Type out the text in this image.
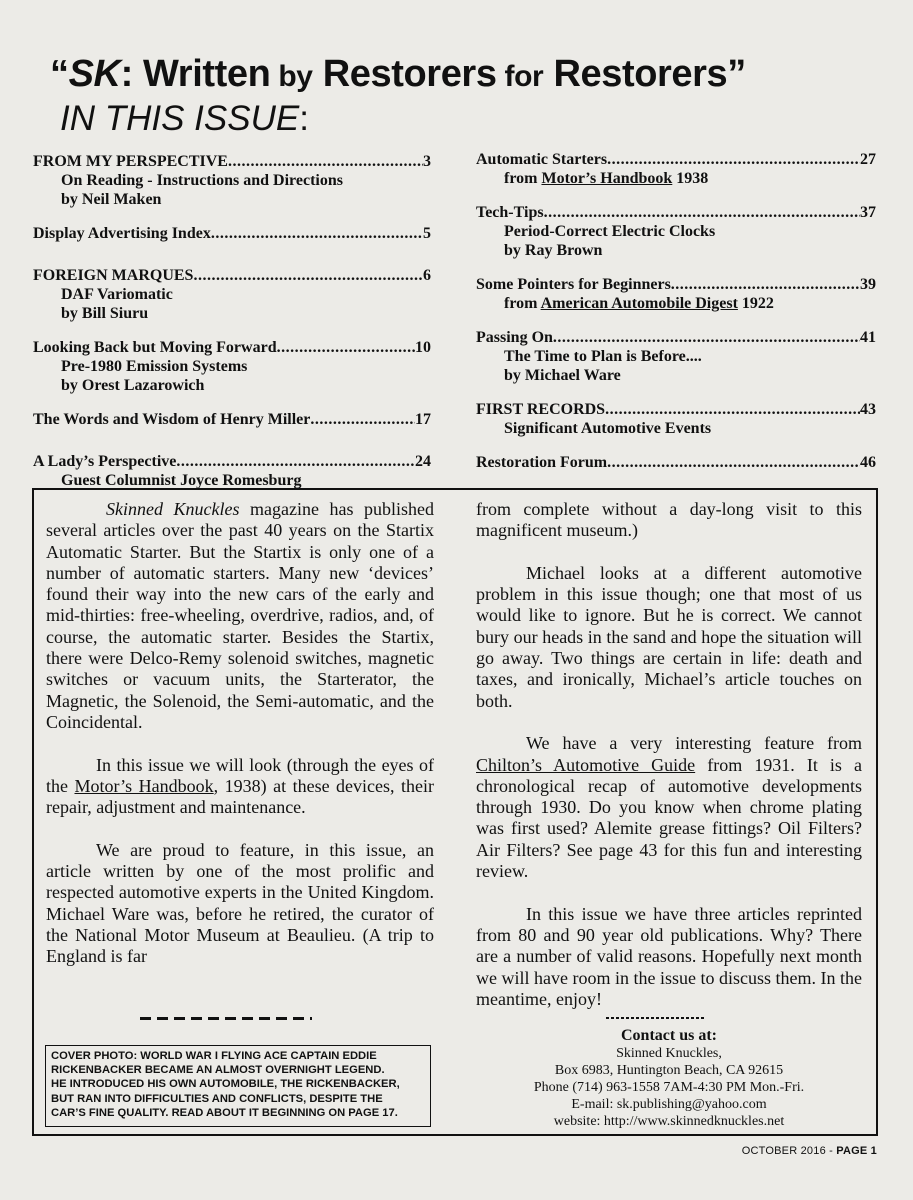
“SK: Written by Restorers for Restorers”
IN THIS ISSUE:
FROM MY PERSPECTIVE .....	3
On Reading - Instructions and Directions
by Neil Maken
Display Advertising Index .....	5
FOREIGN MARQUES .....	6
DAF Variomatic
by Bill Siuru
Looking Back but Moving Forward .....	10
Pre-1980 Emission Systems
by Orest Lazarowich
The Words and Wisdom of Henry Miller .....	17
A Lady’s Perspective .....	24
Guest Columnist Joyce Romesburg
Automatic Starters .....	27
from Motor’s Handbook 1938
Tech-Tips .....	37
Period-Correct Electric Clocks
by Ray Brown
Some Pointers for Beginners .....	39
from American Automobile Digest 1922
Passing On .....	41
The Time to Plan is Before....
by Michael Ware
FIRST RECORDS .....	43
Significant Automotive Events
Restoration Forum .....	46

Skinned Knuckles magazine has published several articles over the past 40 years on the Startix Automatic Starter. But the Startix is only one of a number of automatic starters. Many new ‘devices’ found their way into the new cars of the early and mid-thirties: free-wheeling, overdrive, radios, and, of course, the automatic starter. Besides the Startix, there were Delco-Remy solenoid switches, magnetic switches or vacuum units, the Starterator, the Magnetic, the Solenoid, the Semi-automatic, and the Coincidental.

In this issue we will look (through the eyes of the Motor’s Handbook, 1938) at these devices, their repair, adjustment and maintenance.

We are proud to feature, in this issue, an article written by one of the most prolific and respected automotive experts in the United Kingdom. Michael Ware was, before he retired, the curator of the National Motor Museum at Beaulieu. (A trip to England is far

from complete without a day-long visit to this magnificent museum.)

Michael looks at a different automotive problem in this issue though; one that most of us would like to ignore. But he is correct. We cannot bury our heads in the sand and hope the situation will go away. Two things are certain in life: death and taxes, and ironically, Michael’s article touches on both.

We have a very interesting feature from Chilton’s Automotive Guide from 1931. It is a chronological recap of automotive developments through 1930. Do you know when chrome plating was first used? Alemite grease fittings? Oil Filters? Air Filters? See page 43 for this fun and interesting review.

In this issue we have three articles reprinted from 80 and 90 year old publications. Why? There are a number of valid reasons. Hopefully next month we will have room in the issue to discuss them. In the meantime, enjoy!

COVER PHOTO: WORLD WAR I FLYING ACE CAPTAIN EDDIE
RICKENBACKER BECAME AN ALMOST OVERNIGHT LEGEND.
HE INTRODUCED HIS OWN AUTOMOBILE, THE RICKENBACKER,
BUT RAN INTO DIFFICULTIES AND CONFLICTS, DESPITE THE
CAR’S FINE QUALITY. READ ABOUT IT BEGINNING ON PAGE 17.
Contact us at:
Skinned Knuckles,
Box 6983, Huntington Beach, CA 92615
Phone (714) 963-1558 7AM-4:30 PM Mon.-Fri.
E-mail: sk.publishing@yahoo.com
website: http://www.skinnedknuckles.net
OCTOBER 2016 - PAGE 1
